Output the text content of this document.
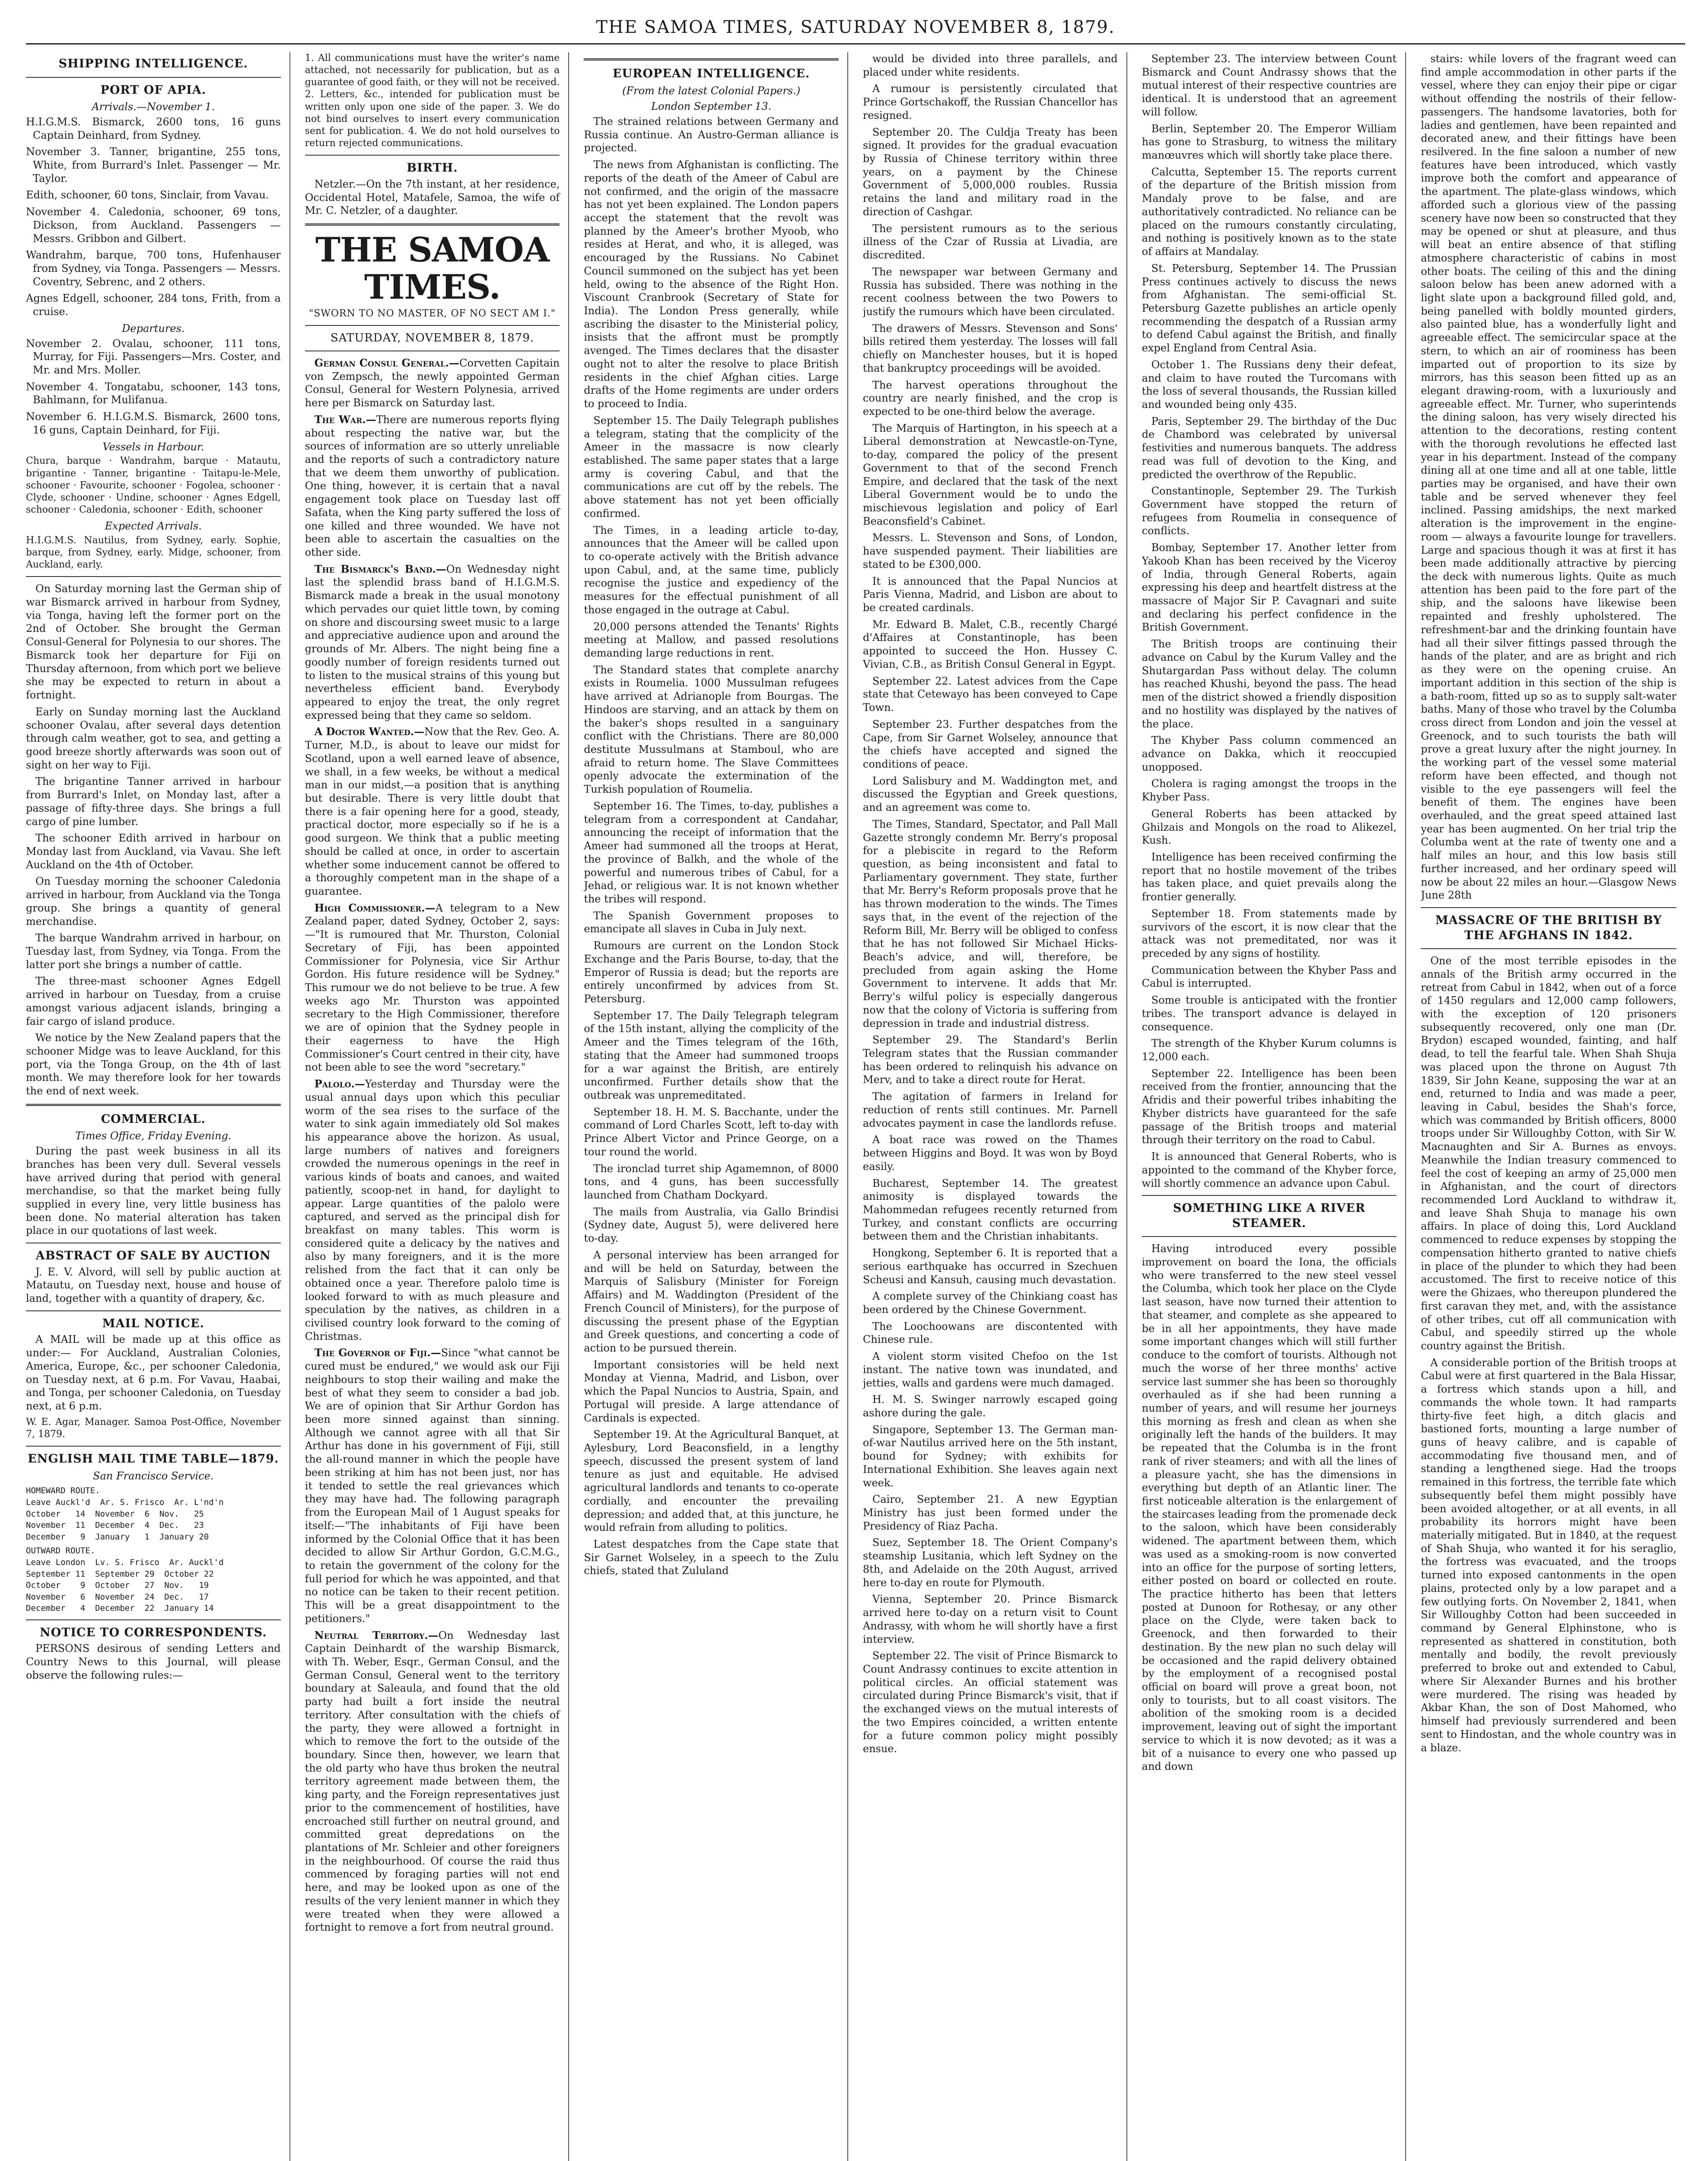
THE SAMOA TIMES, SATURDAY NOVEMBER 8, 1879.
SHIPPING INTELLIGENCE.
PORT OF APIA.
Arrivals.—November 1.

H.I.G.M.S. Bismarck, 2600 tons, 16 guns Captain Deinhard, from Sydney.

November 3. Tanner, brigantine, 255 tons, White, from Burrard's Inlet. Passenger — Mr. Taylor.

Edith, schooner, 60 tons, Sinclair, from Vavau.

November 4. Caledonia, schooner, 69 tons, Dickson, from Auckland. Passengers — Messrs. Gribbon and Gilbert.

Wandrahm, barque, 700 tons, Hufenhauser from Sydney, via Tonga. Passengers — Messrs. Coventry, Sebrenc, and 2 others.

Agnes Edgell, schooner, 284 tons, Frith, from a cruise.

Departures.

November 2. Ovalau, schooner, 111 tons, Murray, for Fiji. Passengers—Mrs. Coster, and Mr. and Mrs. Moller.

November 4. Tongatabu, schooner, 143 tons, Bahlmann, for Mulifanua.

November 6. H.I.G.M.S. Bismarck, 2600 tons, 16 guns, Captain Deinhard, for Fiji.

Vessels in Harbour.

Chura, barque · Wandrahm, barque · Matautu, brigantine · Tanner, brigantine · Taitapu-le-Mele, schooner · Favourite, schooner · Fogolea, schooner · Clyde, schooner · Undine, schooner · Agnes Edgell, schooner · Caledonia, schooner · Edith, schooner

Expected Arrivals.

H.I.G.M.S. Nautilus, from Sydney, early. Sophie, barque, from Sydney, early. Midge, schooner, from Auckland, early.

On Saturday morning last the German ship of war Bismarck arrived in harbour from Sydney, via Tonga, having left the former port on the 2nd of October. She brought the German Consul-General for Polynesia to our shores. The Bismarck took her departure for Fiji on Thursday afternoon, from which port we believe she may be expected to return in about a fortnight.

Early on Sunday morning last the Auckland schooner Ovalau, after several days detention through calm weather, got to sea, and getting a good breeze shortly afterwards was soon out of sight on her way to Fiji.

The brigantine Tanner arrived in harbour from Burrard's Inlet, on Monday last, after a passage of fifty-three days. She brings a full cargo of pine lumber.

The schooner Edith arrived in harbour on Monday last from Auckland, via Vavau. She left Auckland on the 4th of October.

On Tuesday morning the schooner Caledonia arrived in harbour, from Auckland via the Tonga group. She brings a quantity of general merchandise.

The barque Wandrahm arrived in harbour, on Tuesday last, from Sydney, via Tonga. From the latter port she brings a number of cattle.

The three-mast schooner Agnes Edgell arrived in harbour on Tuesday, from a cruise amongst various adjacent islands, bringing a fair cargo of island produce.

We notice by the New Zealand papers that the schooner Midge was to leave Auckland, for this port, via the Tonga Group, on the 4th of last month. We may therefore look for her towards the end of next week.

COMMERCIAL.
Times Office, Friday Evening.

During the past week business in all its branches has been very dull. Several vessels have arrived during that period with general merchandise, so that the market being fully supplied in every line, very little business has been done. No material alteration has taken place in our quotations of last week.

ABSTRACT OF SALE BY AUCTION

J. E. V. Alvord, will sell by public auction at Matautu, on Tuesday next, house and house of land, together with a quantity of drapery, &c.

MAIL NOTICE.

A MAIL will be made up at this office as under:— For Auckland, Australian Colonies, America, Europe, &c., per schooner Caledonia, on Tuesday next, at 6 p.m. For Vavau, Haabai, and Tonga, per schooner Caledonia, on Tuesday next, at 6 p.m.

W. E. Agar, Manager. Samoa Post-Office, November 7, 1879.

ENGLISH MAIL TIME TABLE—1879.
San Francisco Service.
HOMEWARD ROUTE.
Leave Auckl'd  Ar. S. Frisco  Ar. L'nd'n
October   14  November  6  Nov.   25
November  11  December  4  Dec.   23
December   9  January   1  January 20
OUTWARD ROUTE.
Leave London  Lv. S. Frisco  Ar. Auckl'd
September 11  September 29  October 22
October    9  October   27  Nov.   19
November   6  November  24  Dec.   17
December   4  December  22  January 14
NOTICE TO CORRESPONDENTS.

PERSONS desirous of sending Letters and Country News to this Journal, will please observe the following rules:—

1. All communications must have the writer's name attached, not necessarily for publication, but as a guarantee of good faith, or they will not be received. 2. Letters, &c., intended for publication must be written only upon one side of the paper. 3. We do not bind ourselves to insert every communication sent for publication. 4. We do not hold ourselves to return rejected communications.

BIRTH.

Netzler.—On the 7th instant, at her residence, Occidental Hotel, Matafele, Samoa, the wife of Mr. C. Netzler, of a daughter.

THE SAMOA TIMES.
"SWORN TO NO MASTER, OF NO SECT AM I."
SATURDAY, NOVEMBER 8, 1879.

German Consul General.—Corvetten Capitain von Zempsch, the newly appointed German Consul, General for Western Polynesia, arrived here per Bismarck on Saturday last.

The War.—There are numerous reports flying about respecting the native war, but the sources of information are so utterly unreliable and the reports of such a contradictory nature that we deem them unworthy of publication. One thing, however, it is certain that a naval engagement took place on Tuesday last off Safata, when the King party suffered the loss of one killed and three wounded. We have not been able to ascertain the casualties on the other side.

The Bismarck's Band.—On Wednesday night last the splendid brass band of H.I.G.M.S. Bismarck made a break in the usual monotony which pervades our quiet little town, by coming on shore and discoursing sweet music to a large and appreciative audience upon and around the grounds of Mr. Albers. The night being fine a goodly number of foreign residents turned out to listen to the musical strains of this young but nevertheless efficient band. Everybody appeared to enjoy the treat, the only regret expressed being that they came so seldom.

A Doctor Wanted.—Now that the Rev. Geo. A. Turner, M.D., is about to leave our midst for Scotland, upon a well earned leave of absence, we shall, in a few weeks, be without a medical man in our midst,—a position that is anything but desirable. There is very little doubt that there is a fair opening here for a good, steady, practical doctor, more especially so if he is a good surgeon. We think that a public meeting should be called at once, in order to ascertain whether some inducement cannot be offered to a thoroughly competent man in the shape of a guarantee.

High Commissioner.—A telegram to a New Zealand paper, dated Sydney, October 2, says:—"It is rumoured that Mr. Thurston, Colonial Secretary of Fiji, has been appointed Commissioner for Polynesia, vice Sir Arthur Gordon. His future residence will be Sydney." This rumour we do not believe to be true. A few weeks ago Mr. Thurston was appointed secretary to the High Commissioner, therefore we are of opinion that the Sydney people in their eagerness to have the High Commissioner's Court centred in their city, have not been able to see the word "secretary."

Palolo.—Yesterday and Thursday were the usual annual days upon which this peculiar worm of the sea rises to the surface of the water to sink again immediately old Sol makes his appearance above the horizon. As usual, large numbers of natives and foreigners crowded the numerous openings in the reef in various kinds of boats and canoes, and waited patiently, scoop-net in hand, for daylight to appear. Large quantities of the palolo were captured, and served as the principal dish for breakfast on many tables. This worm is considered quite a delicacy by the natives and also by many foreigners, and it is the more relished from the fact that it can only be obtained once a year. Therefore palolo time is looked forward to with as much pleasure and speculation by the natives, as children in a civilised country look forward to the coming of Christmas.

The Governor of Fiji.—Since "what cannot be cured must be endured," we would ask our Fiji neighbours to stop their wailing and make the best of what they seem to consider a bad job. We are of opinion that Sir Arthur Gordon has been more sinned against than sinning. Although we cannot agree with all that Sir Arthur has done in his government of Fiji, still the all-round manner in which the people have been striking at him has not been just, nor has it tended to settle the real grievances which they may have had. The following paragraph from the European Mail of 1 August speaks for itself:—"The inhabitants of Fiji have been informed by the Colonial Office that it has been decided to allow Sir Arthur Gordon, G.C.M.G., to retain the government of the colony for the full period for which he was appointed, and that no notice can be taken to their recent petition. This will be a great disappointment to the petitioners."

Neutral Territory.—On Wednesday last Captain Deinhardt of the warship Bismarck, with Th. Weber, Esqr., German Consul, and the German Consul, General went to the territory boundary at Saleaula, and found that the old party had built a fort inside the neutral territory. After consultation with the chiefs of the party, they were allowed a fortnight in which to remove the fort to the outside of the boundary. Since then, however, we learn that the old party who have thus broken the neutral territory agreement made between them, the king party, and the Foreign representatives just prior to the commencement of hostilities, have encroached still further on neutral ground, and committed great depredations on the plantations of Mr. Schleier and other foreigners in the neighbourhood. Of course the raid thus commenced by foraging parties will not end here, and may be looked upon as one of the results of the very lenient manner in which they were treated when they were allowed a fortnight to remove a fort from neutral ground.

EUROPEAN INTELLIGENCE.
(From the latest Colonial Papers.)
London September 13.

The strained relations between Germany and Russia continue. An Austro-German alliance is projected.

The news from Afghanistan is conflicting. The reports of the death of the Ameer of Cabul are not confirmed, and the origin of the massacre has not yet been explained. The London papers accept the statement that the revolt was planned by the Ameer's brother Myoob, who resides at Herat, and who, it is alleged, was encouraged by the Russians. No Cabinet Council summoned on the subject has yet been held, owing to the absence of the Right Hon. Viscount Cranbrook (Secretary of State for India). The London Press generally, while ascribing the disaster to the Ministerial policy, insists that the affront must be promptly avenged. The Times declares that the disaster ought not to alter the resolve to place British residents in the chief Afghan cities. Large drafts of the Home regiments are under orders to proceed to India.

September 15. The Daily Telegraph publishes a telegram, stating that the complicity of the Ameer in the massacre is now clearly established. The same paper states that a large army is covering Cabul, and that the communications are cut off by the rebels. The above statement has not yet been officially confirmed.

The Times, in a leading article to-day, announces that the Ameer will be called upon to co-operate actively with the British advance upon Cabul, and, at the same time, publicly recognise the justice and expediency of the measures for the effectual punishment of all those engaged in the outrage at Cabul.

20,000 persons attended the Tenants' Rights meeting at Mallow, and passed resolutions demanding large reductions in rent.

The Standard states that complete anarchy exists in Roumelia. 1000 Mussulman refugees have arrived at Adrianople from Bourgas. The Hindoos are starving, and an attack by them on the baker's shops resulted in a sanguinary conflict with the Christians. There are 80,000 destitute Mussulmans at Stamboul, who are afraid to return home. The Slave Committees openly advocate the extermination of the Turkish population of Roumelia.

September 16. The Times, to-day, publishes a telegram from a correspondent at Candahar, announcing the receipt of information that the Ameer had summoned all the troops at Herat, the province of Balkh, and the whole of the powerful and numerous tribes of Cabul, for a Jehad, or religious war. It is not known whether the tribes will respond.

The Spanish Government proposes to emancipate all slaves in Cuba in July next.

Rumours are current on the London Stock Exchange and the Paris Bourse, to-day, that the Emperor of Russia is dead; but the reports are entirely unconfirmed by advices from St. Petersburg.

September 17. The Daily Telegraph telegram of the 15th instant, allying the complicity of the Ameer and the Times telegram of the 16th, stating that the Ameer had summoned troops for a war against the British, are entirely unconfirmed. Further details show that the outbreak was unpremeditated.

September 18. H. M. S. Bacchante, under the command of Lord Charles Scott, left to-day with Prince Albert Victor and Prince George, on a tour round the world.

The ironclad turret ship Agamemnon, of 8000 tons, and 4 guns, has been successfully launched from Chatham Dockyard.

The mails from Australia, via Gallo Brindisi (Sydney date, August 5), were delivered here to-day.

A personal interview has been arranged for and will be held on Saturday, between the Marquis of Salisbury (Minister for Foreign Affairs) and M. Waddington (President of the French Council of Ministers), for the purpose of discussing the present phase of the Egyptian and Greek questions, and concerting a code of action to be pursued therein.

Important consistories will be held next Monday at Vienna, Madrid, and Lisbon, over which the Papal Nuncios to Austria, Spain, and Portugal will preside. A large attendance of Cardinals is expected.

September 19. At the Agricultural Banquet, at Aylesbury, Lord Beaconsfield, in a lengthy speech, discussed the present system of land tenure as just and equitable. He advised agricultural landlords and tenants to co-operate cordially, and encounter the prevailing depression; and added that, at this juncture, he would refrain from alluding to politics.

Latest despatches from the Cape state that Sir Garnet Wolseley, in a speech to the Zulu chiefs, stated that Zululand

would be divided into three parallels, and placed under white residents.

A rumour is persistently circulated that Prince Gortschakoff, the Russian Chancellor has resigned.

September 20. The Culdja Treaty has been signed. It provides for the gradual evacuation by Russia of Chinese territory within three years, on a payment by the Chinese Government of 5,000,000 roubles. Russia retains the land and military road in the direction of Cashgar.

The persistent rumours as to the serious illness of the Czar of Russia at Livadia, are discredited.

The newspaper war between Germany and Russia has subsided. There was nothing in the recent coolness between the two Powers to justify the rumours which have been circulated.

The drawers of Messrs. Stevenson and Sons' bills retired them yesterday. The losses will fall chiefly on Manchester houses, but it is hoped that bankruptcy proceedings will be avoided.

The harvest operations throughout the country are nearly finished, and the crop is expected to be one-third below the average.

The Marquis of Hartington, in his speech at a Liberal demonstration at Newcastle-on-Tyne, to-day, compared the policy of the present Government to that of the second French Empire, and declared that the task of the next Liberal Government would be to undo the mischievous legislation and policy of Earl Beaconsfield's Cabinet.

Messrs. L. Stevenson and Sons, of London, have suspended payment. Their liabilities are stated to be £300,000.

It is announced that the Papal Nuncios at Paris Vienna, Madrid, and Lisbon are about to be created cardinals.

Mr. Edward B. Malet, C.B., recently Chargé d'Affaires at Constantinople, has been appointed to succeed the Hon. Hussey C. Vivian, C.B., as British Consul General in Egypt.

September 22. Latest advices from the Cape state that Cetewayo has been conveyed to Cape Town.

September 23. Further despatches from the Cape, from Sir Garnet Wolseley, announce that the chiefs have accepted and signed the conditions of peace.

Lord Salisbury and M. Waddington met, and discussed the Egyptian and Greek questions, and an agreement was come to.

The Times, Standard, Spectator, and Pall Mall Gazette strongly condemn Mr. Berry's proposal for a plebiscite in regard to the Reform question, as being inconsistent and fatal to Parliamentary government. They state, further that Mr. Berry's Reform proposals prove that he has thrown moderation to the winds. The Times says that, in the event of the rejection of the Reform Bill, Mr. Berry will be obliged to confess that he has not followed Sir Michael Hicks-Beach's advice, and will, therefore, be precluded from again asking the Home Government to intervene. It adds that Mr. Berry's wilful policy is especially dangerous now that the colony of Victoria is suffering from depression in trade and industrial distress.

September 29. The Standard's Berlin Telegram states that the Russian commander has been ordered to relinquish his advance on Merv, and to take a direct route for Herat.

The agitation of farmers in Ireland for reduction of rents still continues. Mr. Parnell advocates payment in case the landlords refuse.

A boat race was rowed on the Thames between Higgins and Boyd. It was won by Boyd easily.

Bucharest, September 14. The greatest animosity is displayed towards the Mahommedan refugees recently returned from Turkey, and constant conflicts are occurring between them and the Christian inhabitants.

Hongkong, September 6. It is reported that a serious earthquake has occurred in Szechuen Scheusi and Kansuh, causing much devastation.

A complete survey of the Chinkiang coast has been ordered by the Chinese Government.

The Loochoowans are discontented with Chinese rule.

A violent storm visited Chefoo on the 1st instant. The native town was inundated, and jetties, walls and gardens were much damaged.

H. M. S. Swinger narrowly escaped going ashore during the gale.

Singapore, September 13. The German man-of-war Nautilus arrived here on the 5th instant, bound for Sydney; with exhibits for International Exhibition. She leaves again next week.

Cairo, September 21. A new Egyptian Ministry has just been formed under the Presidency of Riaz Pacha.

Suez, September 18. The Orient Company's steamship Lusitania, which left Sydney on the 8th, and Adelaide on the 20th August, arrived here to-day en route for Plymouth.

Vienna, September 20. Prince Bismarck arrived here to-day on a return visit to Count Andrassy, with whom he will shortly have a first interview.

September 22. The visit of Prince Bismarck to Count Andrassy continues to excite attention in political circles. An official statement was circulated during Prince Bismarck's visit, that if the exchanged views on the mutual interests of the two Empires coincided, a written entente for a future common policy might possibly ensue.

September 23. The interview between Count Bismarck and Count Andrassy shows that the mutual interest of their respective countries are identical. It is understood that an agreement will follow.

Berlin, September 20. The Emperor William has gone to Strasburg, to witness the military manœuvres which will shortly take place there.

Calcutta, September 15. The reports current of the departure of the British mission from Mandaly prove to be false, and are authoritatively contradicted. No reliance can be placed on the rumours constantly circulating, and nothing is positively known as to the state of affairs at Mandalay.

St. Petersburg, September 14. The Prussian Press continues actively to discuss the news from Afghanistan. The semi-official St. Petersburg Gazette publishes an article openly recommending the despatch of a Russian army to defend Cabul against the British, and finally expel England from Central Asia.

October 1. The Russians deny their defeat, and claim to have routed the Turcomans with the loss of several thousands, the Russian killed and wounded being only 435.

Paris, September 29. The birthday of the Duc de Chambord was celebrated by universal festivities and numerous banquets. The address read was full of devotion to the King, and predicted the overthrow of the Republic.

Constantinople, September 29. The Turkish Government have stopped the return of refugees from Roumelia in consequence of conflicts.

Bombay, September 17. Another letter from Yakoob Khan has been received by the Viceroy of India, through General Roberts, again expressing his deep and heartfelt distress at the massacre of Major Sir P. Cavagnari and suite and declaring his perfect confidence in the British Government.

The British troops are continuing their advance on Cabul by the Kurum Valley and the Shutargardan Pass without delay. The column has reached Khushi, beyond the pass. The head men of the district showed a friendly disposition and no hostility was displayed by the natives of the place.

The Khyber Pass column commenced an advance on Dakka, which it reoccupied unopposed.

Cholera is raging amongst the troops in the Khyber Pass.

General Roberts has been attacked by Ghilzais and Mongols on the road to Alikezel, Kush.

Intelligence has been received confirming the report that no hostile movement of the tribes has taken place, and quiet prevails along the frontier generally.

September 18. From statements made by survivors of the escort, it is now clear that the attack was not premeditated, nor was it preceded by any signs of hostility.

Communication between the Khyber Pass and Cabul is interrupted.

Some trouble is anticipated with the frontier tribes. The transport advance is delayed in consequence.

The strength of the Khyber Kurum columns is 12,000 each.

September 22. Intelligence has been been received from the frontier, announcing that the Afridis and their powerful tribes inhabiting the Khyber districts have guaranteed for the safe passage of the British troops and material through their territory on the road to Cabul.

It is announced that General Roberts, who is appointed to the command of the Khyber force, will shortly commence an advance upon Cabul.

SOMETHING LIKE A RIVER STEAMER.

Having introduced every possible improvement on board the Iona, the officials who were transferred to the new steel vessel the Columba, which took her place on the Clyde last season, have now turned their attention to that steamer, and complete as she appeared to be in all her appointments, they have made some important changes which will still further conduce to the comfort of tourists. Although not much the worse of her three months' active service last summer she has been so thoroughly overhauled as if she had been running a number of years, and will resume her journeys this morning as fresh and clean as when she originally left the hands of the builders. It may be repeated that the Columba is in the front rank of river steamers; and with all the lines of a pleasure yacht, she has the dimensions in everything but depth of an Atlantic liner. The first noticeable alteration is the enlargement of the staircases leading from the promenade deck to the saloon, which have been considerably widened. The apartment between them, which was used as a smoking-room is now converted into an office for the purpose of sorting letters, either posted on board or collected en route. The practice hitherto has been that letters posted at Dunoon for Rothesay, or any other place on the Clyde, were taken back to Greenock, and then forwarded to their destination. By the new plan no such delay will be occasioned and the rapid delivery obtained by the employment of a recognised postal official on board will prove a great boon, not only to tourists, but to all coast visitors. The abolition of the smoking room is a decided improvement, leaving out of sight the important service to which it is now devoted; as it was a bit of a nuisance to every one who passed up and down

stairs: while lovers of the fragrant weed can find ample accommodation in other parts if the vessel, where they can enjoy their pipe or cigar without offending the nostrils of their fellow-passengers. The handsome lavatories, both for ladies and gentlemen, have been repainted and decorated anew, and their fittings have been resilvered. In the fine saloon a number of new features have been introduced, which vastly improve both the comfort and appearance of the apartment. The plate-glass windows, which afforded such a glorious view of the passing scenery have now been so constructed that they may be opened or shut at pleasure, and thus will beat an entire absence of that stifling atmosphere characteristic of cabins in most other boats. The ceiling of this and the dining saloon below has been anew adorned with a light slate upon a background filled gold, and, being panelled with boldly mounted girders, also painted blue, has a wonderfully light and agreeable effect. The semicircular space at the stern, to which an air of roominess has been imparted out of proportion to its size by mirrors, has this season been fitted up as an elegant drawing-room, with a luxuriously and agreeable effect. Mr. Turner, who superintends the dining saloon, has very wisely directed his attention to the decorations, resting content with the thorough revolutions he effected last year in his department. Instead of the company dining all at one time and all at one table, little parties may be organised, and have their own table and be served whenever they feel inclined. Passing amidships, the next marked alteration is the improvement in the engine-room — always a favourite lounge for travellers. Large and spacious though it was at first it has been made additionally attractive by piercing the deck with numerous lights. Quite as much attention has been paid to the fore part of the ship, and the saloons have likewise been repainted and freshly upholstered. The refreshment-bar and the drinking fountain have had all their silver fittings passed through the hands of the plater, and are as bright and rich as they were on the opening cruise. An important addition in this section of the ship is a bath-room, fitted up so as to supply salt-water baths. Many of those who travel by the Columba cross direct from London and join the vessel at Greenock, and to such tourists the bath will prove a great luxury after the night journey. In the working part of the vessel some material reform have been effected, and though not visible to the eye passengers will feel the benefit of them. The engines have been overhauled, and the great speed attained last year has been augmented. On her trial trip the Columba went at the rate of twenty one and a half miles an hour, and this low basis still further increased, and her ordinary speed will now be about 22 miles an hour.—Glasgow News June 28th

MASSACRE OF THE BRITISH BY THE AFGHANS IN 1842.

One of the most terrible episodes in the annals of the British army occurred in the retreat from Cabul in 1842, when out of a force of 1450 regulars and 12,000 camp followers, with the exception of 120 prisoners subsequently recovered, only one man (Dr. Brydon) escaped wounded, fainting, and half dead, to tell the fearful tale. When Shah Shuja was placed upon the throne on August 7th 1839, Sir John Keane, supposing the war at an end, returned to India and was made a peer, leaving in Cabul, besides the Shah's force, which was commanded by British officers, 8000 troops under Sir Willoughby Cotton, with Sir W. Macnaughten and Sir A. Burnes as envoys. Meanwhile the Indian treasury commenced to feel the cost of keeping an army of 25,000 men in Afghanistan, and the court of directors recommended Lord Auckland to withdraw it, and leave Shah Shuja to manage his own affairs. In place of doing this, Lord Auckland commenced to reduce expenses by stopping the compensation hitherto granted to native chiefs in place of the plunder to which they had been accustomed. The first to receive notice of this were the Ghizaes, who thereupon plundered the first caravan they met, and, with the assistance of other tribes, cut off all communication with Cabul, and speedily stirred up the whole country against the British.

A considerable portion of the British troops at Cabul were at first quartered in the Bala Hissar, a fortress which stands upon a hill, and commands the whole town. It had ramparts thirty-five feet high, a ditch glacis and bastioned forts, mounting a large number of guns of heavy calibre, and is capable of accommodating five thousand men, and of standing a lengthened siege. Had the troops remained in this fortress, the terrible fate which subsequently befel them might possibly have been avoided altogether, or at all events, in all probability its horrors might have been materially mitigated. But in 1840, at the request of Shah Shuja, who wanted it for his seraglio, the fortress was evacuated, and the troops turned into exposed cantonments in the open plains, protected only by a low parapet and a few outlying forts. On November 2, 1841, when Sir Willoughby Cotton had been succeeded in command by General Elphinstone, who is represented as shattered in constitution, both mentally and bodily, the revolt previously preferred to broke out and extended to Cabul, where Sir Alexander Burnes and his brother were murdered. The rising was headed by Akbar Khan, the son of Dost Mahomed, who himself had previously surrendered and been sent to Hindostan, and the whole country was in a blaze.
